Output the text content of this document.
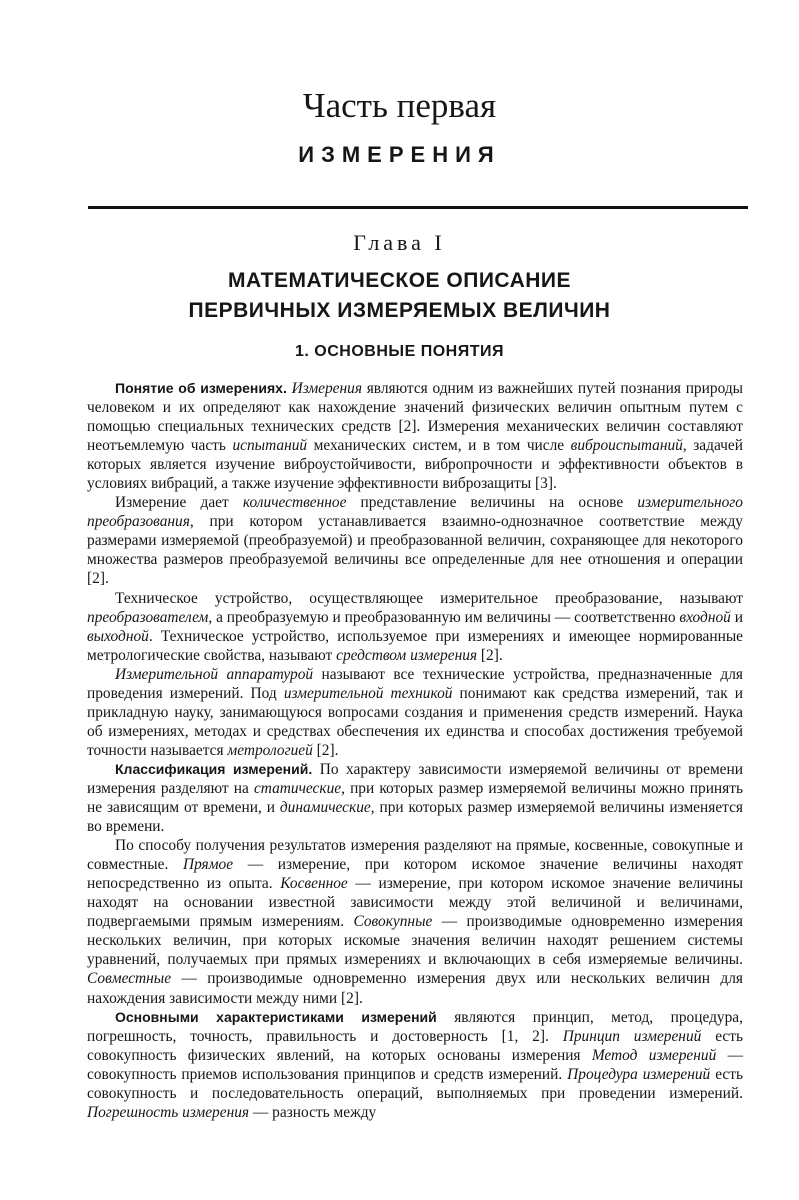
Часть первая
ИЗМЕРЕНИЯ
Глава I
МАТЕМАТИЧЕСКОЕ ОПИСАНИЕ
ПЕРВИЧНЫХ ИЗМЕРЯЕМЫХ ВЕЛИЧИН
1. ОСНОВНЫЕ ПОНЯТИЯ

Понятие об измерениях. Измерения являются одним из важнейших путей познания природы человеком и их определяют как нахождение значений физических величин опытным путем с помощью специальных технических средств [2]. Измерения механических величин составляют неотъемлемую часть испытаний механических систем, и в том числе виброиспытаний, задачей которых является изучение виброустойчивости, вибропрочности и эффективности объектов в условиях вибраций, а также изучение эффективности виброзащиты [3].

Измерение дает количественное представление величины на основе измерительного преобразования, при котором устанавливается взаимно-однозначное соответствие между размерами измеряемой (преобразуемой) и преобразованной величин, сохраняющее для некоторого множества размеров преобразуемой величины все определенные для нее отношения и операции [2].

Техническое устройство, осуществляющее измерительное преобразование, называют преобразователем, а преобразуемую и преобразованную им величины — соответственно входной и выходной. Техническое устройство, используемое при измерениях и имеющее нормированные метрологические свойства, называют средством измерения [2].

Измерительной аппаратурой называют все технические устройства, предназначенные для проведения измерений. Под измерительной техникой понимают как средства измерений, так и прикладную науку, занимающуюся вопросами создания и применения средств измерений. Наука об измерениях, методах и средствах обеспечения их единства и способах достижения требуемой точности называется метрологией [2].

Классификация измерений. По характеру зависимости измеряемой величины от времени измерения разделяют на статические, при которых размер измеряемой величины можно принять не зависящим от времени, и динамические, при которых размер измеряемой величины изменяется во времени.

По способу получения результатов измерения разделяют на прямые, косвенные, совокупные и совместные. Прямое — измерение, при котором искомое значение величины находят непосредственно из опыта. Косвенное — измерение, при котором искомое значение величины находят на основании известной зависимости между этой величиной и величинами, подвергаемыми прямым измерениям. Совокупные — производимые одновременно измерения нескольких величин, при которых искомые значения величин находят решением системы уравнений, получаемых при прямых измерениях и включающих в себя измеряемые величины. Совместные — производимые одновременно измерения двух или нескольких величин для нахождения зависимости между ними [2].

Основными характеристиками измерений являются принцип, метод, процедура, погрешность, точность, правильность и достоверность [1, 2]. Принцип измерений есть совокупность физических явлений, на которых основаны измерения Метод измерений — совокупность приемов использования принципов и средств измерений. Процедура измерений есть совокупность и последовательность операций, выполняемых при проведении измерений. Погрешность измерения — разность между
